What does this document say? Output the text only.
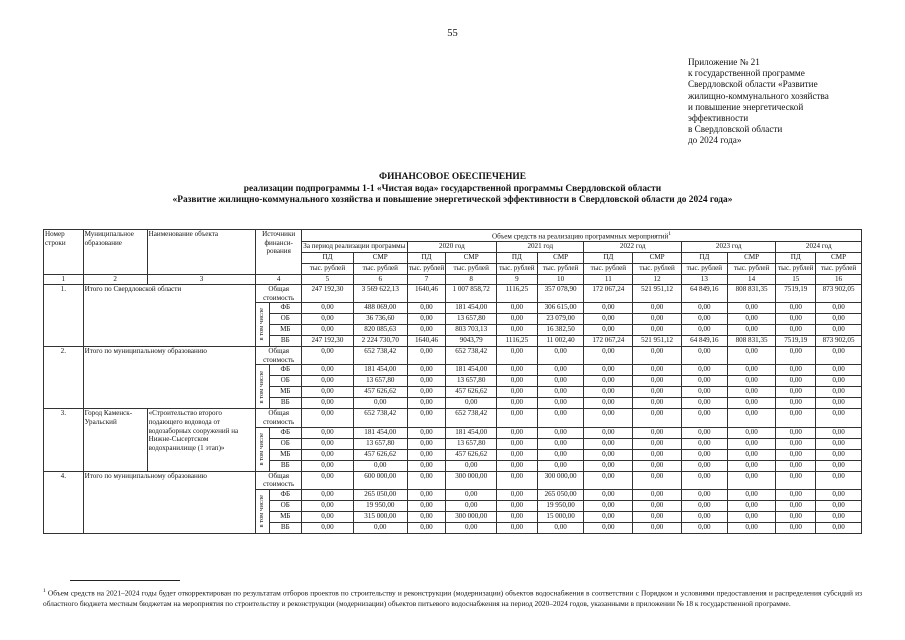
55
Приложение № 21
к государственной программе
Свердловской области «Развитие
жилищно-коммунального хозяйства
и повышение энергетической
эффективности
в Свердловской области
до 2024 года»
ФИНАНСОВОЕ ОБЕСПЕЧЕНИЕ
реализации подпрограммы 1-1 «Чистая вода» государственной программы Свердловской области
«Развитие жилищно-коммунального хозяйства и повышение энергетической эффективности в Свердловской области до 2024 года»
Номер строки	Муниципальное образование	Наименование объекта	Источники финанси-рования		Объем средств на реализацию программных мероприятий$^1$
					За период реализации программы		2020 год		2021 год		2022 год		2023 год		2024 год	
					ПД	СМР	ПД	СМР	ПД	СМР	ПД	СМР	ПД	СМР	ПД	СМР
					тыс. рублей	тыс. рублей	тыс. рублей	тыс. рублей	тыс. рублей	тыс. рублей	тыс. рублей	тыс. рублей	тыс. рублей	тыс. рублей	тыс. рублей	тыс. рублей
1	2	3	4		5	6	7	8	9	10	11	12	13	14	15	16
1.	Итого по Свердловской области		Общая стоимость		247 192,30	3 569 622,13	1640,46	1 007 858,72	1116,25	357 078,90	172 067,24	521 951,12	64 849,16	808 831,35	7519,19	873 902,05

			в том числе	ФБ	0,00	488 069,00	0,00	181 454,00	0,00	306 615,00	0,00	0,00	0,00	0,00	0,00	0,00
				ОБ	0,00	36 736,60	0,00	13 657,80	0,00	23 079,00	0,00	0,00	0,00	0,00	0,00	0,00
				МБ	0,00	820 085,63	0,00	803 703,13	0,00	16 382,50	0,00	0,00	0,00	0,00	0,00	0,00
				ВБ	247 192,30	2 224 730,70	1640,46	9043,79	1116,25	11 002,40	172 067,24	521 951,12	64 849,16	808 831,35	7519,19	873 902,05
2.	Итого по муниципальному образованию		Общая стоимость		0,00	652 738,42	0,00	652 738,42	0,00	0,00	0,00	0,00	0,00	0,00	0,00	0,00

			в том числе	ФБ	0,00	181 454,00	0,00	181 454,00	0,00	0,00	0,00	0,00	0,00	0,00	0,00	0,00
				ОБ	0,00	13 657,80	0,00	13 657,80	0,00	0,00	0,00	0,00	0,00	0,00	0,00	0,00
				МБ	0,00	457 626,62	0,00	457 626,62	0,00	0,00	0,00	0,00	0,00	0,00	0,00	0,00
				ВБ	0,00	0,00	0,00	0,00	0,00	0,00	0,00	0,00	0,00	0,00	0,00	0,00
3.	Город Каменск-Уральский	«Строительство второго подающего водовода от водозаборных сооружений на Нижне-Сысертском водохранилище (1 этап)»	Общая стоимость		0,00	652 738,42	0,00	652 738,42	0,00	0,00	0,00	0,00	0,00	0,00	0,00	0,00

			в том числе	ФБ	0,00	181 454,00	0,00	181 454,00	0,00	0,00	0,00	0,00	0,00	0,00	0,00	0,00
				ОБ	0,00	13 657,80	0,00	13 657,80	0,00	0,00	0,00	0,00	0,00	0,00	0,00	0,00
				МБ	0,00	457 626,62	0,00	457 626,62	0,00	0,00	0,00	0,00	0,00	0,00	0,00	0,00
				ВБ	0,00	0,00	0,00	0,00	0,00	0,00	0,00	0,00	0,00	0,00	0,00	0,00
4.	Итого по муниципальному образованию		Общая стоимость		0,00	600 000,00	0,00	300 000,00	0,00	300 000,00	0,00	0,00	0,00	0,00	0,00	0,00

			в том числе	ФБ	0,00	265 050,00	0,00	0,00	0,00	265 050,00	0,00	0,00	0,00	0,00	0,00	0,00
				ОБ	0,00	19 950,00	0,00	0,00	0,00	19 950,00	0,00	0,00	0,00	0,00	0,00	0,00
				МБ	0,00	315 000,00	0,00	300 000,00	0,00	15 000,00	0,00	0,00	0,00	0,00	0,00	0,00
				ВБ	0,00	0,00	0,00	0,00	0,00	0,00	0,00	0,00	0,00	0,00	0,00	0,00
$^1$ Объем средств на 2021–2024 годы будет откорректирован по результатам отборов проектов по строительству и реконструкции (модернизации) объектов водоснабжения в соответствии с Порядком и условиями предоставления и распределения субсидий из областного бюджета местным бюджетам на мероприятия по строительству и реконструкции (модернизации) объектов питьевого водоснабжения на период 2020–2024 годов, указанными в приложении № 18 к государственной программе.
